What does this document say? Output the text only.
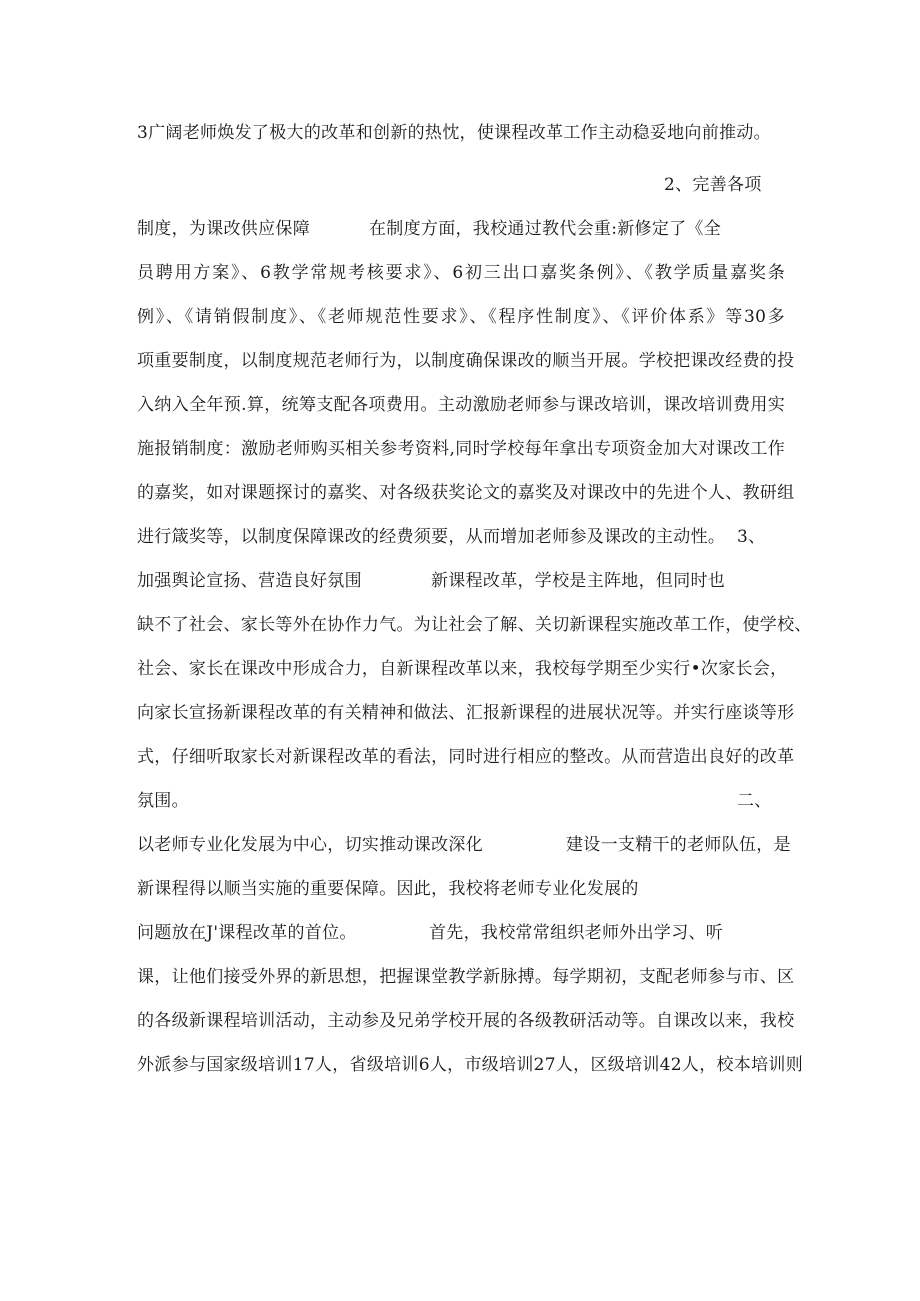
3广阔老师焕发了极大的改革和创新的热忱，使课程改革工作主动稳妥地向前推动。
2、完善各项
制度，为课改供应保障	在制度方面，我校通过教代会重:新修定了《全
员聘用方案》、6教学常规考核要求》、6初三出口嘉奖条例》、《教学质量嘉奖条
例》、《请销假制度》、《老师规范性要求》、《程序性制度》、《评价体系》等30多
项重要制度，以制度规范老师行为，以制度确保课改的顺当开展。学校把课改经费的投
入纳入全年预.算，统筹支配各项费用。主动激励老师参与课改培训，课改培训费用实
施报销制度：激励老师购买相关参考资料,同时学校每年拿出专项资金加大对课改工作
的嘉奖，如对课题探讨的嘉奖、对各级获奖论文的嘉奖及对课改中的先进个人、教研组
进行箴奖等，以制度保障课改的经费须要，从而增加老师参及课改的主动性。 3、
加强舆论宣扬、营造良好氛围	新课程改革，学校是主阵地，但同时也
缺不了社会、家长等外在协作力气。为让社会了解、关切新课程实施改革工作，使学校、
社会、家长在课改中形成合力，自新课程改革以来，我校每学期至少实行•次家长会，
向家长宣扬新课程改革的有关精神和做法、汇报新课程的进展状况等。并实行座谈等形
式，仔细听取家长对新课程改革的看法，同时进行相应的整改。从而营造出良好的改革
氛围。	二、
以老师专业化发展为中心，切实推动课改深化	建设一支精干的老师队伍，是
新课程得以顺当实施的重要保障。因此，我校将老师专业化发展的
问题放在J'课程改革的首位。	首先，我校常常组织老师外出学习、听
课，让他们接受外界的新思想，把握课堂教学新脉搏。每学期初，支配老师参与市、区
的各级新课程培训活动，主动参及兄弟学校开展的各级教研活动等。自课改以来，我校
外派参与国家级培训17人，省级培训6人，市级培训27人，区级培训42人，校本培训则
